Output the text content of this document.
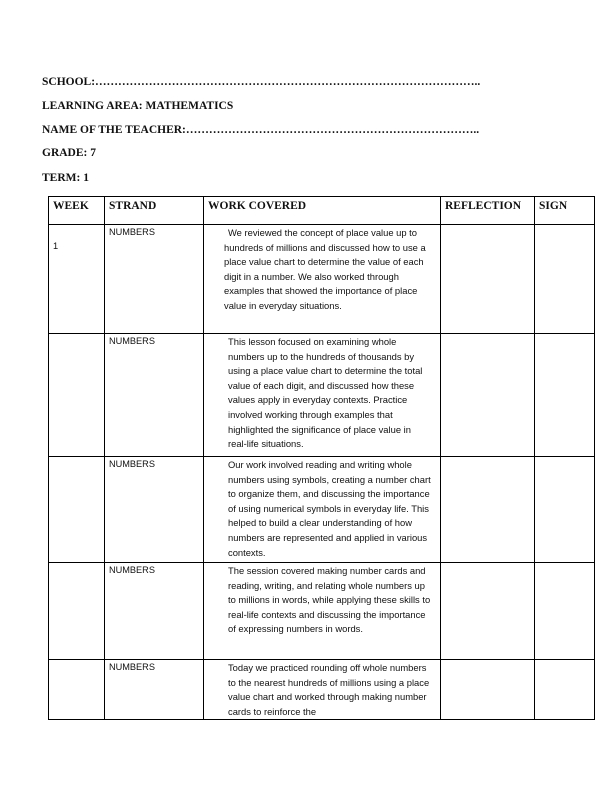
SCHOOL:………………………………………………………………………………………..
LEARNING AREA: MATHEMATICS
NAME OF THE TEACHER:…………………………………………………………………..
GRADE: 7
TERM: 1
WEEK	STRAND	WORK COVERED	REFLECTION	SIGN

1	NUMBERS	We reviewed the concept of place value up to hundreds of millions and discussed how to use a place value chart to determine the value of each digit in a number. We also worked through examples that showed the importance of place value in everyday situations.		

	NUMBERS	This lesson focused on examining whole numbers up to the hundreds of thousands by using a place value chart to determine the total value of each digit, and discussed how these values apply in everyday contexts. Practice involved working through examples that highlighted the significance of place value in real-life situations.		

	NUMBERS	Our work involved reading and writing whole numbers using symbols, creating a number chart to organize them, and discussing the importance of using numerical symbols in everyday life. This helped to build a clear understanding of how numbers are represented and applied in various contexts.		

	NUMBERS	The session covered making number cards and reading, writing, and relating whole numbers up to millions in words, while applying these skills to real-life contexts and discussing the importance of expressing numbers in words.		

	NUMBERS	Today we practiced rounding off whole numbers to the nearest hundreds of millions using a place value chart and worked through making number cards to reinforce the		
